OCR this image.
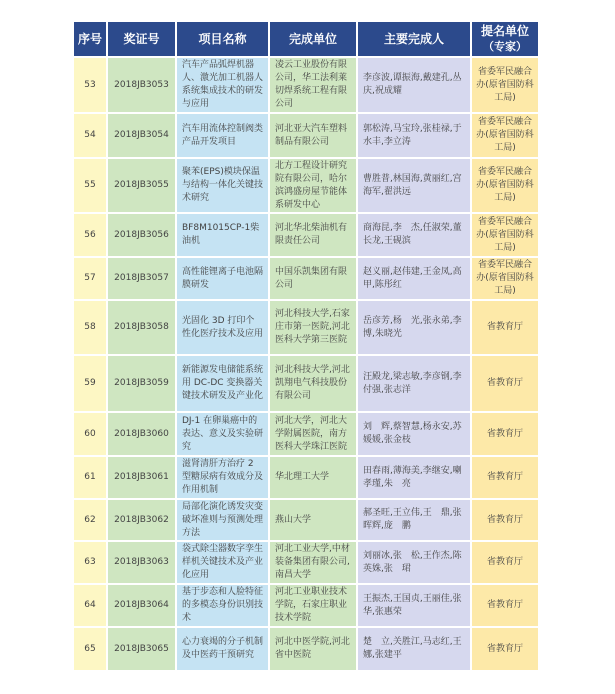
序号	奖证号	项目名称	完成单位	主要完成人	提名单位
（专家）
53	2018JB3053	汽车产品弧焊机器人、激光加工机器人系统集成技术的研发与应用	凌云工业股份有限公司，华工法利莱切焊系统工程有限公司	李彦波,谭振海,戴建孔,丛　庆,祝成耀	省委军民融合办(原省国防科工局)
54	2018JB3054	汽车用流体控制阀类产品开发项目	河北亚大汽车塑料制品有限公司	郭松涛,马宝玲,张桂禄,于水丰,李立涛	省委军民融合办(原省国防科工局)
55	2018JB3055	聚苯(EPS)模块保温与结构一体化关键技术研究	北方工程设计研究院有限公司，哈尔滨鸿盛房屋节能体系研发中心	曹胜普,林国海,黄丽红,宫海军,翟洪远	省委军民融合办(原省国防科工局)
56	2018JB3056	BF8M1015CP-1柴油机	河北华北柴油机有限责任公司	商海昆,李　杰,任淑荣,董长龙,王砚滨	省委军民融合办(原省国防科工局)
57	2018JB3057	高性能锂离子电池隔膜研发	中国乐凯集团有限公司	赵义丽,赵伟建,王金凤,高　甲,陈彤红	省委军民融合办(原省国防科工局)
58	2018JB3058	光固化 3D 打印个性化医疗技术及应用	河北科技大学,石家庄市第一医院,河北医科大学第三医院	岳彦芳,杨　光,张永弟,李　博,朱晓光	省教育厅
59	2018JB3059	新能源发电储能系统用 DC-DC 变换器关键技术研发及产业化	河北科技大学,河北凯翔电气科技股份有限公司	汪殿龙,梁志敏,李彦钢,李付强,张志洋	省教育厅
60	2018JB3060	DJ-1 在卵巢癌中的表达、意义及实验研究	河北大学，河北大学附属医院，南方医科大学珠江医院	刘　辉,蔡智慧,杨永安,苏媛媛,张金枝	省教育厅
61	2018JB3061	滋肾清肝方治疗 2 型糖尿病有效成分及作用机制	华北理工大学	田春雨,薄海美,李继安,喇孝瑾,朱　亮	省教育厅
62	2018JB3062	局部化演化诱发灾变破坏准则与预测处理方法	燕山大学	郝圣旺,王立伟,王　鼎,张晖辉,庞　鹏	省教育厅
63	2018JB3063	袋式除尘器数字孪生样机关键技术及产业化应用	河北工业大学,中材装备集团有限公司,南昌大学	刘丽冰,张　松,王作杰,陈英姝,张　珺	省教育厅
64	2018JB3064	基于步态和人脸特征的多模态身份识别技术	河北工业职业技术学院，石家庄职业技术学院	王振杰,王国贞,王丽佳,张　华,张惠荣	省教育厅
65	2018JB3065	心力衰竭的分子机制及中医药干预研究	河北中医学院,河北省中医院	楚　立,关胜江,马志红,王　娜,张建平	省教育厅
